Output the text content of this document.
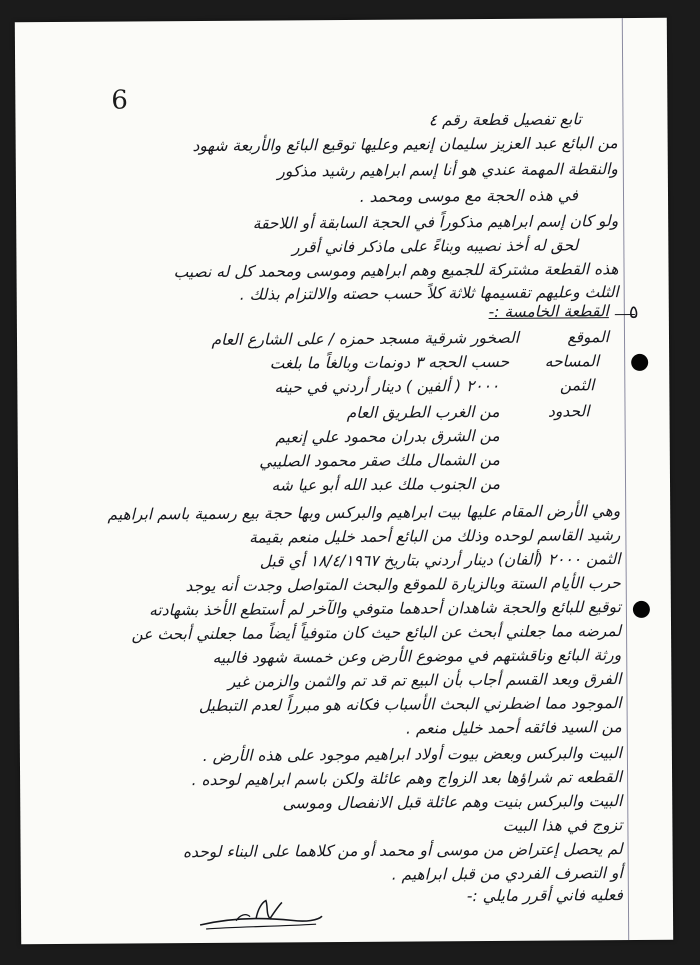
6
تابع تفصيل قطعة رقم ٤
من البائع عبد العزيز سليمان إنعيم وعليها توقيع البائع والأربعة شهود
والنقطة المهمة عندي هو أنا إسم ابراهيم رشيد مذكور
في هذه الحجة مع موسى ومحمد .
ولو كان إسم ابراهيم مذكوراً في الحجة السابقة أو اللاحقة
لحق له أخذ نصيبه وبناءً على ماذكر فاني أقرر
هذه القطعة مشتركة للجميع وهم ابراهيم وموسى ومحمد كل له نصيب
الثلث وعليهم تقسيمها ثلاثة كلاً حسب حصته والالتزام بذلك .
٥
القطعة الخامسة :-
الموقع
الصخور شرقية مسجد حمزه / على الشارع العام
المساحه
حسب الحجه ٣ دونمات وبالغاً ما بلغت
الثمن
٢٠٠٠ ( ألفين ) دينار أردني في حينه
الحدود
من الغرب الطريق العام
من الشرق بدران محمود علي إنعيم
من الشمال ملك صقر محمود الصليبي
من الجنوب ملك عبد الله أبو عيا شه
وهي الأرض المقام عليها بيت ابراهيم والبركس وبها حجة بيع رسمية باسم ابراهيم
رشيد القاسم لوحده وذلك من البائع أحمد خليل منعم بقيمة
الثمن ٢٠٠٠ (ألفان) دينار أردني بتاريخ ١٨/٤/١٩٦٧ أي قبل
حرب الأيام الستة وبالزيارة للموقع والبحث المتواصل وجدت أنه يوجد
توقيع للبائع والحجة شاهدان أحدهما متوفي والآخر لم أستطع الأخذ بشهادته
لمرضه مما جعلني أبحث عن البائع حيث كان متوفياً أيضاً مما جعلني أبحث عن
ورثة البائع وناقشتهم في موضوع الأرض وعن خمسة شهود فالبيه
الفرق وبعد القسم أجاب بأن البيع تم قد تم والثمن والزمن غير
الموجود مما اضطرني البحث الأسباب فكانه هو مبرراً لعدم التبطيل
من السيد فائقه أحمد خليل منعم .
البيت والبركس وبعض بيوت أولاد ابراهيم موجود على هذه الأرض .
القطعه تم شراؤها بعد الزواج وهم عائلة ولكن باسم ابراهيم لوحده .
البيت والبركس بنيت وهم عائلة قبل الانفصال وموسى
تزوج في هذا البيت
لم يحصل إعتراض من موسى أو محمد أو من كلاهما على البناء لوحده
أو التصرف الفردي من قبل ابراهيم .
فعليه فاني أقرر مايلي :-
